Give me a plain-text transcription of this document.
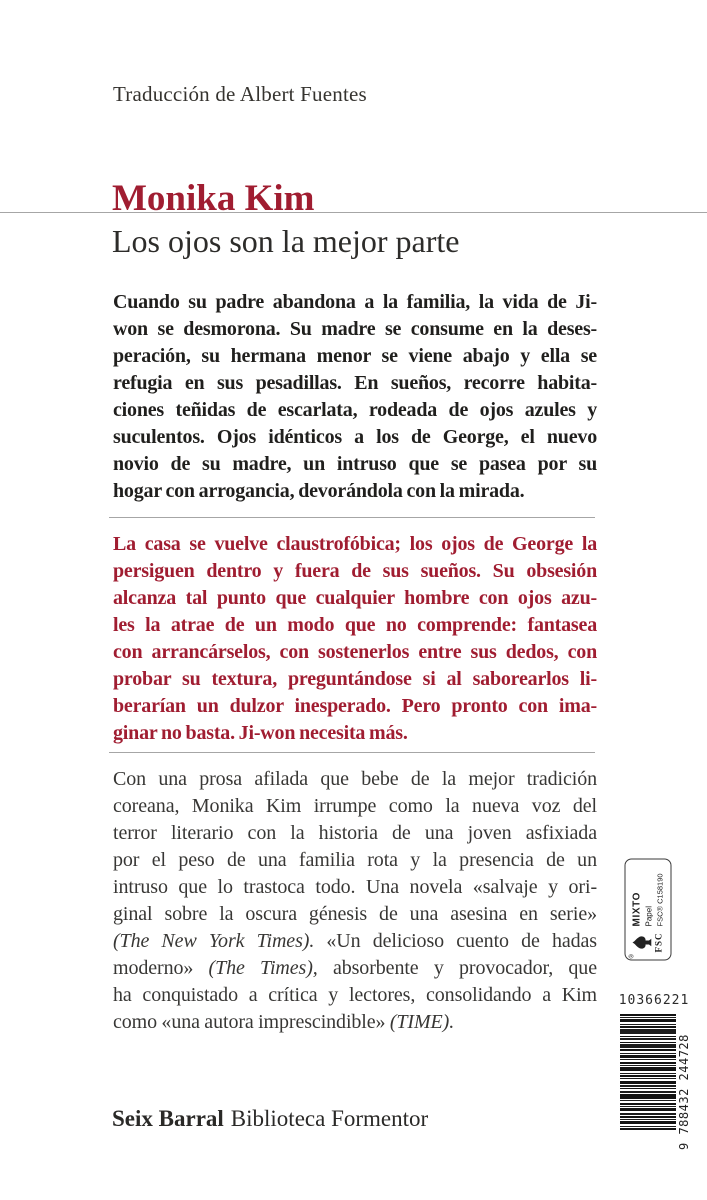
Traducción de Albert Fuentes
Monika Kim
Los ojos son la mejor parte
Cuando su padre abandona a la familia, la vida de Ji-
won se desmorona. Su madre se consume en la deses-
peración, su hermana menor se viene abajo y ella se
refugia en sus pesadillas. En sueños, recorre habita-
ciones teñidas de escarlata, rodeada de ojos azules y
suculentos. Ojos idénticos a los de George, el nuevo
novio de su madre, un intruso que se pasea por su
hogar con arrogancia, devorándola con la mirada.
La casa se vuelve claustrofóbica; los ojos de George la
persiguen dentro y fuera de sus sueños. Su obsesión
alcanza tal punto que cualquier hombre con ojos azu-
les la atrae de un modo que no comprende: fantasea
con arrancárselos, con sostenerlos entre sus dedos, con
probar su textura, preguntándose si al saborearlos li-
berarían un dulzor inesperado. Pero pronto con ima-
ginar no basta. Ji-won necesita más.
Con una prosa afilada que bebe de la mejor tradición
coreana, Monika Kim irrumpe como la nueva voz del
terror literario con la historia de una joven asfixiada
por el peso de una familia rota y la presencia de un
intruso que lo trastoca todo. Una novela «salvaje y ori-
ginal sobre la oscura génesis de una asesina en serie»
(The New York Times). «Un delicioso cuento de hadas
moderno» (The Times), absorbente y provocador, que
ha conquistado a crítica y lectores, consolidando a Kim
como «una autora imprescindible» (TIME).
®
FSC
MIXTO Papel FSC® C158190
10366221
9 788432 244728
Seix Barral Biblioteca Formentor
